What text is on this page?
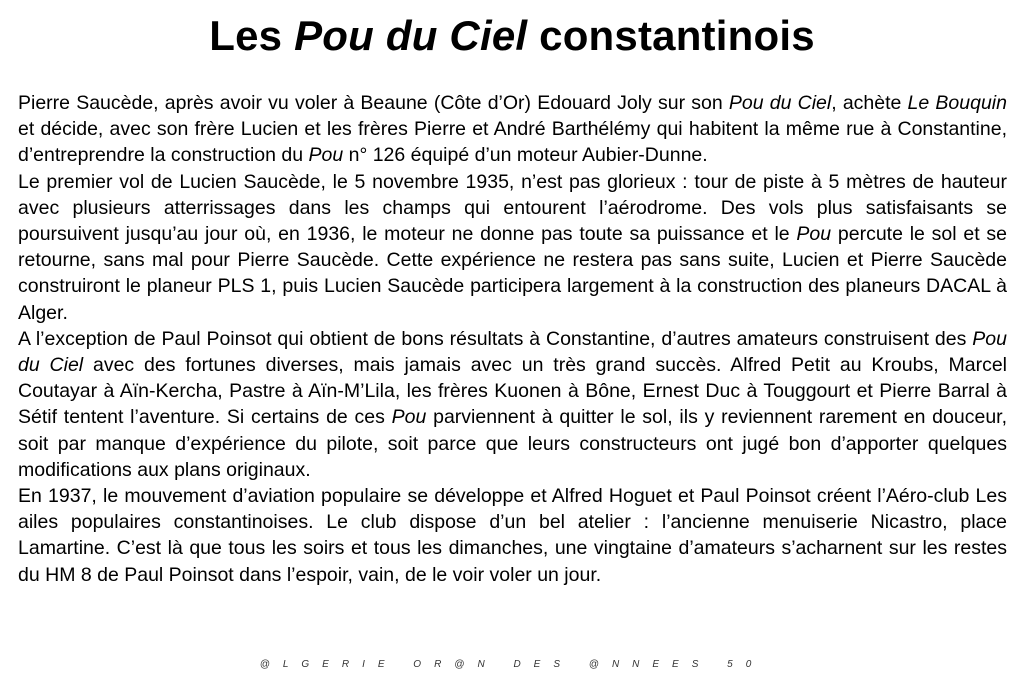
Les Pou du Ciel constantinois

Pierre Saucède, après avoir vu voler à Beaune (Côte d’Or) Edouard Joly sur son Pou du Ciel, achète Le Bouquin et décide, avec son frère Lucien et les frères Pierre et André Barthélémy qui habitent la même rue à Constantine, d’entreprendre la construction du Pou n° 126 équipé d’un moteur Aubier-Dunne.

Le premier vol de Lucien Saucède, le 5 novembre 1935, n’est pas glorieux : tour de piste à 5 mètres de hauteur avec plusieurs atterrissages dans les champs qui entourent l’aérodrome. Des vols plus satisfaisants se poursuivent jusqu’au jour où, en 1936, le moteur ne donne pas toute sa puissance et le Pou percute le sol et se retourne, sans mal pour Pierre Saucède. Cette expérience ne restera pas sans suite, Lucien et Pierre Saucède construiront le planeur PLS 1, puis Lucien Saucède participera largement à la construction des planeurs DACAL à Alger.

A l’exception de Paul Poinsot qui obtient de bons résultats à Constantine, d’autres amateurs construisent des Pou du Ciel avec des fortunes diverses, mais jamais avec un très grand succès. Alfred Petit au Kroubs, Marcel Coutayar à Aïn-Kercha, Pastre à Aïn-M’Lila, les frères Kuonen à Bône, Ernest Duc à Touggourt et Pierre Barral à Sétif tentent l’aventure. Si certains de ces Pou parviennent à quitter le sol, ils y reviennent rarement en douceur, soit par manque d’expérience du pilote, soit parce que leurs constructeurs ont jugé bon d’apporter quelques modifications aux plans originaux.

En 1937, le mouvement d’aviation populaire se développe et Alfred Hoguet et Paul Poinsot créent l’Aéro-club Les ailes populaires constantinoises. Le club dispose d’un bel atelier : l’ancienne menuiserie Nicastro, place Lamartine. C’est là que tous les soirs et tous les dimanches, une vingtaine d’amateurs s’acharnent sur les restes du HM 8 de Paul Poinsot dans l’espoir, vain, de le voir voler un jour.

@LGERIE OR@N DES @NNEES 50
